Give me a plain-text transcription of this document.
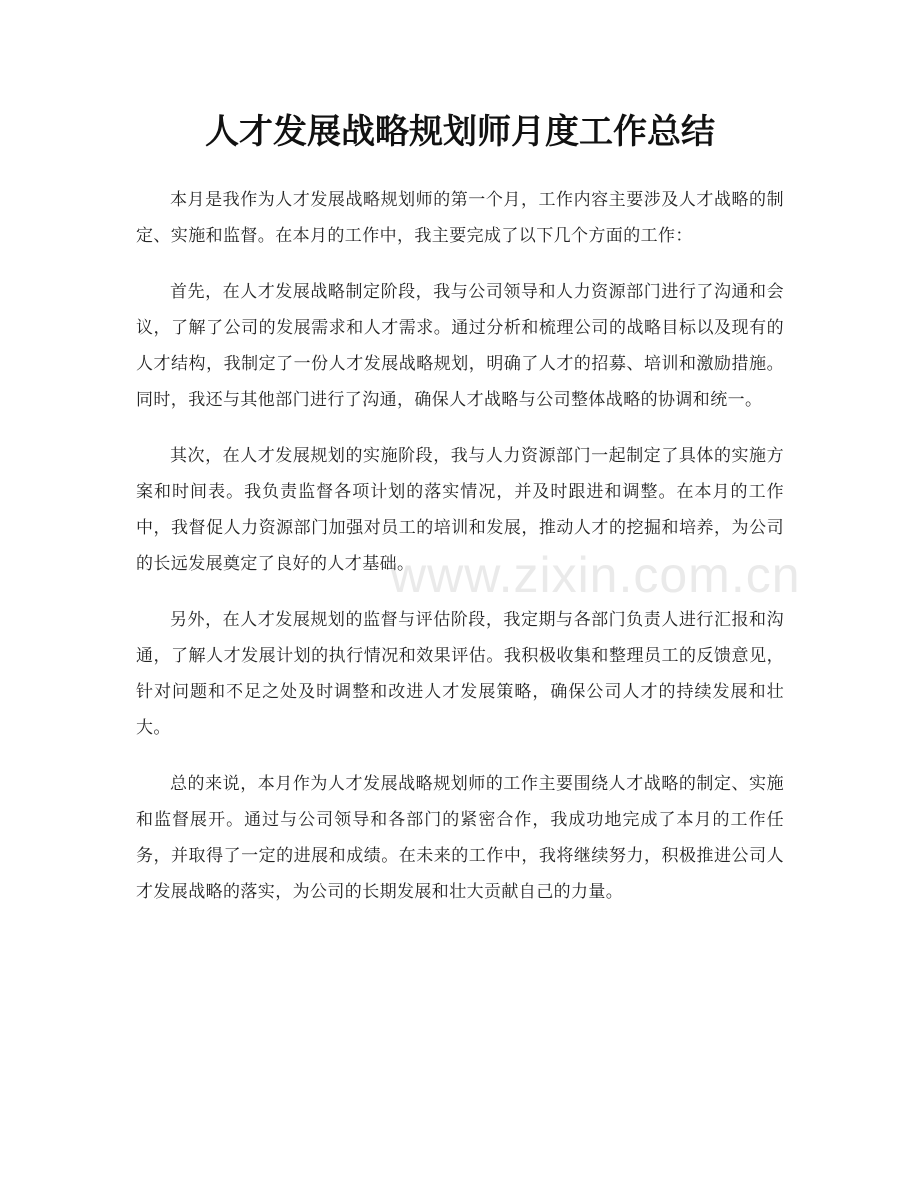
人才发展战略规划师月度工作总结

本月是我作为人才发展战略规划师的第一个月，工作内容主要涉及人才战略的制定、实施和监督。在本月的工作中，我主要完成了以下几个方面的工作：

首先，在人才发展战略制定阶段，我与公司领导和人力资源部门进行了沟通和会议，了解了公司的发展需求和人才需求。通过分析和梳理公司的战略目标以及现有的人才结构，我制定了一份人才发展战略规划，明确了人才的招募、培训和激励措施。同时，我还与其他部门进行了沟通，确保人才战略与公司整体战略的协调和统一。

其次，在人才发展规划的实施阶段，我与人力资源部门一起制定了具体的实施方案和时间表。我负责监督各项计划的落实情况，并及时跟进和调整。在本月的工作中，我督促人力资源部门加强对员工的培训和发展，推动人才的挖掘和培养，为公司的长远发展奠定了良好的人才基础。

另外，在人才发展规划的监督与评估阶段，我定期与各部门负责人进行汇报和沟通，了解人才发展计划的执行情况和效果评估。我积极收集和整理员工的反馈意见，针对问题和不足之处及时调整和改进人才发展策略，确保公司人才的持续发展和壮大。

总的来说，本月作为人才发展战略规划师的工作主要围绕人才战略的制定、实施和监督展开。通过与公司领导和各部门的紧密合作，我成功地完成了本月的工作任务，并取得了一定的进展和成绩。在未来的工作中，我将继续努力，积极推进公司人才发展战略的落实，为公司的长期发展和壮大贡献自己的力量。

www.zixin.com.cn
